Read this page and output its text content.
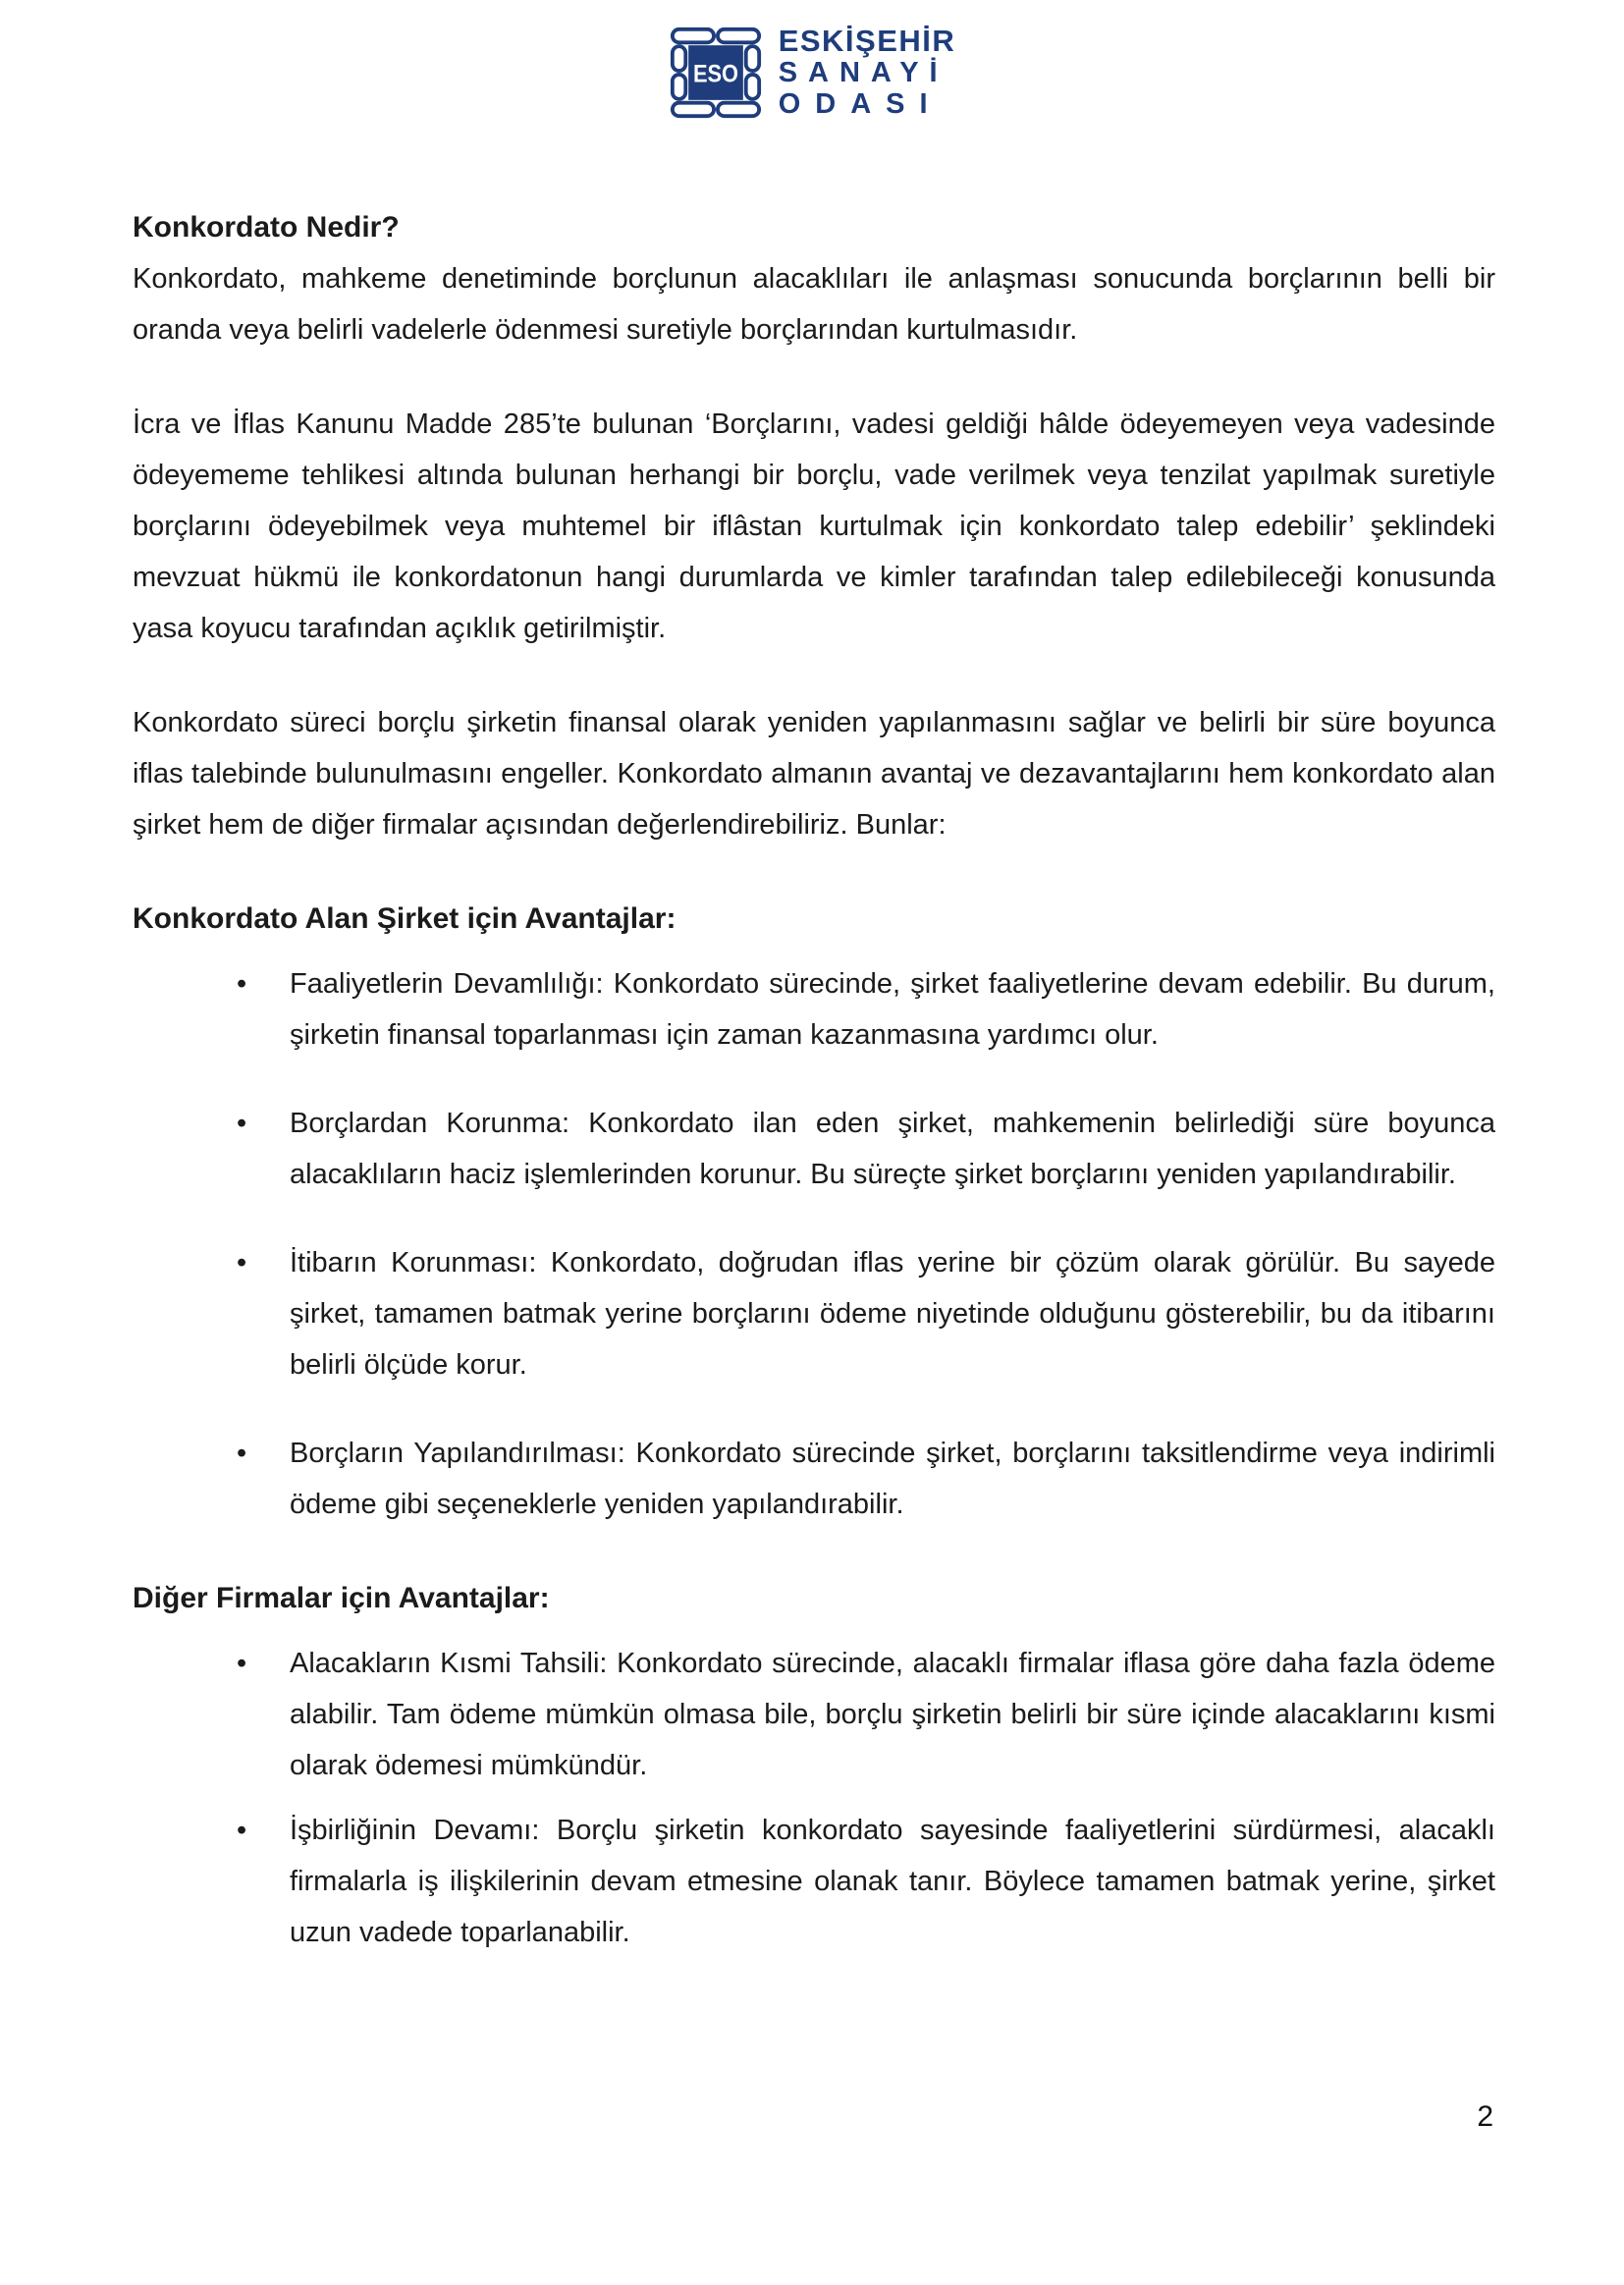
ESO
ESKİŞEHİR
SANAYİ
ODASI
Konkordato Nedir?

Konkordato, mahkeme denetiminde borçlunun alacaklıları ile anlaşması sonucunda borçlarının belli bir oranda veya belirli vadelerle ödenmesi suretiyle borçlarından kurtulmasıdır.

İcra ve İflas Kanunu Madde 285’te bulunan ‘Borçlarını, vadesi geldiği hâlde ödeyemeyen veya vadesinde ödeyememe tehlikesi altında bulunan herhangi bir borçlu, vade verilmek veya tenzilat yapılmak suretiyle borçlarını ödeyebilmek veya muhtemel bir iflâstan kurtulmak için konkordato talep edebilir’ şeklindeki mevzuat hükmü ile konkordatonun hangi durumlarda ve kimler tarafından talep edilebileceği konusunda yasa koyucu tarafından açıklık getirilmiştir.

Konkordato süreci borçlu şirketin finansal olarak yeniden yapılanmasını sağlar ve belirli bir süre boyunca iflas talebinde bulunulmasını engeller. Konkordato almanın avantaj ve dezavantajlarını hem konkordato alan şirket hem de diğer firmalar açısından değerlendirebiliriz. Bunlar:

Konkordato Alan Şirket için Avantajlar:
• Faaliyetlerin Devamlılığı: Konkordato sürecinde, şirket faaliyetlerine devam edebilir. Bu durum, şirketin finansal toparlanması için zaman kazanmasına yardımcı olur.
• Borçlardan Korunma: Konkordato ilan eden şirket, mahkemenin belirlediği süre boyunca alacaklıların haciz işlemlerinden korunur. Bu süreçte şirket borçlarını yeniden yapılandırabilir.
• İtibarın Korunması: Konkordato, doğrudan iflas yerine bir çözüm olarak görülür. Bu sayede şirket, tamamen batmak yerine borçlarını ödeme niyetinde olduğunu gösterebilir, bu da itibarını belirli ölçüde korur.
• Borçların Yapılandırılması: Konkordato sürecinde şirket, borçlarını taksitlendirme veya indirimli ödeme gibi seçeneklerle yeniden yapılandırabilir.
Diğer Firmalar için Avantajlar:
• Alacakların Kısmi Tahsili: Konkordato sürecinde, alacaklı firmalar iflasa göre daha fazla ödeme alabilir. Tam ödeme mümkün olmasa bile, borçlu şirketin belirli bir süre içinde alacaklarını kısmi olarak ödemesi mümkündür.
• İşbirliğinin Devamı: Borçlu şirketin konkordato sayesinde faaliyetlerini sürdürmesi, alacaklı firmalarla iş ilişkilerinin devam etmesine olanak tanır. Böylece tamamen batmak yerine, şirket uzun vadede toparlanabilir.
2
